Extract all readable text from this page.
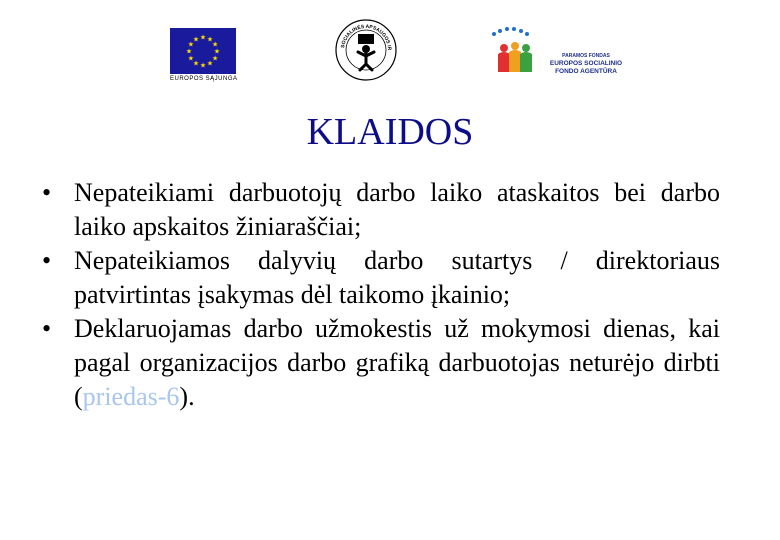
★ ★
★
★
★
★
★
★
★
★
★
★
EUROPOS SĄJUNGA
SOCIALINĖS APSAUGOS IR
PARAMOS FONDAS
EUROPOS SOCIALINIO
FONDO AGENTŪRA
KLAIDOS
• Nepateikiami darbuotojų darbo laiko ataskaitos bei darbo laiko apskaitos žiniaraščiai;
• Nepateikiamos dalyvių darbo sutartys / direktoriaus patvirtintas įsakymas dėl taikomo įkainio;
• Deklaruojamas darbo užmokestis už mokymosi dienas, kai pagal organizacijos darbo grafiką darbuotojas neturėjo dirbti (priedas-6).
